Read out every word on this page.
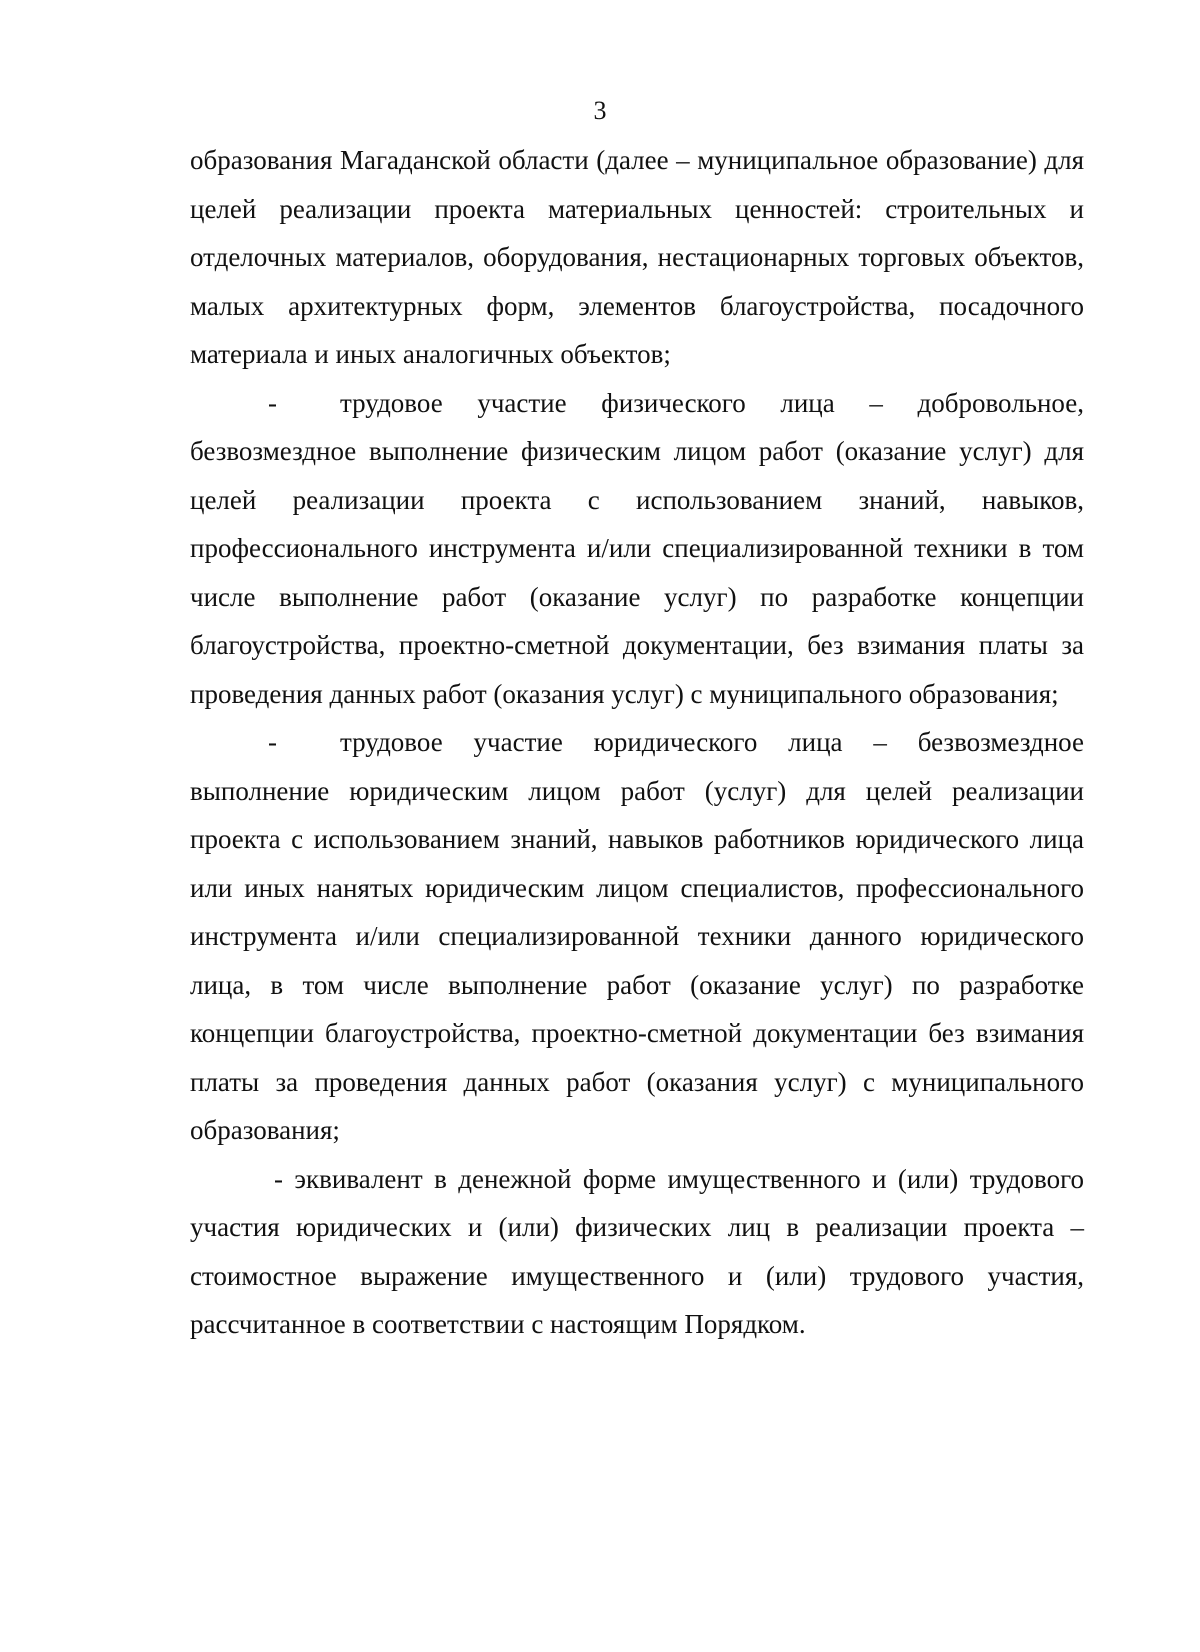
3

образования Магаданской области (далее – муниципальное образование) для целей реализации проекта материальных ценностей: строительных и отделочных материалов, оборудования, нестационарных торговых объектов, малых архитектурных форм, элементов благоустройства, посадочного материала и иных аналогичных объектов;

- трудовое участие физического лица – добровольное, безвозмездное выполнение физическим лицом работ (оказание услуг) для целей реализации проекта с использованием знаний, навыков, профессионального инструмента и/или специализированной техники в том числе выполнение работ (оказание услуг) по разработке концепции благоустройства, проектно-сметной документации, без взимания платы за проведения данных работ (оказания услуг) с муниципального образования;

- трудовое участие юридического лица – безвозмездное выполнение юридическим лицом работ (услуг) для целей реализации проекта с использованием знаний, навыков работников юридического лица или иных нанятых юридическим лицом специалистов, профессионального инструмента и/или специализированной техники данного юридического лица, в том числе выполнение работ (оказание услуг) по разработке концепции благоустройства, проектно-сметной документации без взимания платы за проведения данных работ (оказания услуг) с муниципального образования;

- эквивалент в денежной форме имущественного и (или) трудового участия юридических и (или) физических лиц в реализации проекта – стоимостное выражение имущественного и (или) трудового участия, рассчитанное в соответствии с настоящим Порядком.
